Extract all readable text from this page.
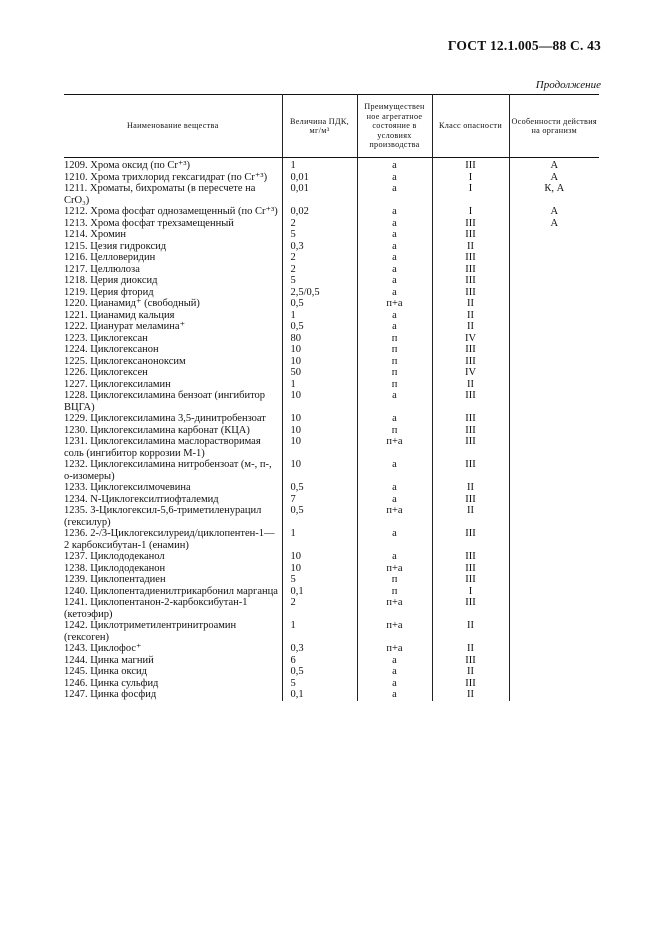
ГОСТ 12.1.005—88 С. 43
Продолжение
Наименование вещества	Величина ПДК, мг/м³	Преимуществен ное агрегатное состояние в условиях производства	Класс опасности	Особенности действия на организм
1209. Хрома оксид (по Cr⁺³)	1	а	III	А
1210. Хрома трихлорид гексагидрат (по Cr⁺³)	0,01	а	I	А
1211. Хроматы, бихроматы (в пересчете на CrO₃)	0,01	а	I	К, А
1212. Хрома фосфат однозамещенный (по Cr⁺³)	0,02	а	I	А
1213. Хрома фосфат трехзамещенный	2	а	III	А
1214. Хромин	5	а	III	
1215. Цезия гидроксид	0,3	а	II	
1216. Целловеридин	2	а	III	
1217. Целлюлоза	2	а	III	
1218. Церия диоксид	5	а	III	
1219. Церия фторид	2,5/0,5	а	III	
1220. Цианамид⁺ (свободный)	0,5	п+а	II	
1221. Цианамид кальция	1	а	II	
1222. Цианурат меламина⁺	0,5	а	II	
1223. Циклогексан	80	п	IV	
1224. Циклогексанон	10	п	III	
1225. Циклогексаноноксим	10	п	III	
1226. Циклогексен	50	п	IV	
1227. Циклогексиламин	1	п	II	
1228. Циклогексиламина бензоат (ингибитор ВЦГА)	10	а	III	
1229. Циклогексиламина 3,5-динитробензоат	10	а	III	
1230. Циклогексиламина карбонат (КЦА)	10	п	III	
1231. Циклогексиламина маслорастворимая соль (ингибитор коррозии М-1)	10	п+а	III	
1232. Циклогексиламина нитробензоат (м-, п-, о-изомеры)	10	а	III	
1233. Циклогексилмочевина	0,5	а	II	
1234. N-Циклогексилтиофталемид	7	а	III	
1235. 3-Циклогексил-5,6-триметиленурацил (гексилур)	0,5	п+а	II	
1236. 2-/3-Циклогексилуреид/циклопентен-1—2 карбоксибутан-1 (енамин)	1	а	III	
1237. Циклододеканол	10	а	III	
1238. Циклододеканон	10	п+а	III	
1239. Циклопентадиен	5	п	III	
1240. Циклопентадиенилтрикарбонил марганца	0,1	п	I	
1241. Циклопентанон-2-карбоксибутан-1 (кетоэфир)	2	п+а	III	
1242. Циклотриметилентринитроамин (гексоген)	1	п+а	II	
1243. Циклофос⁺	0,3	п+а	II	
1244. Цинка магний	6	а	III	
1245. Цинка оксид	0,5	а	II	
1246. Цинка сульфид	5	а	III	
1247. Цинка фосфид	0,1	а	II	
